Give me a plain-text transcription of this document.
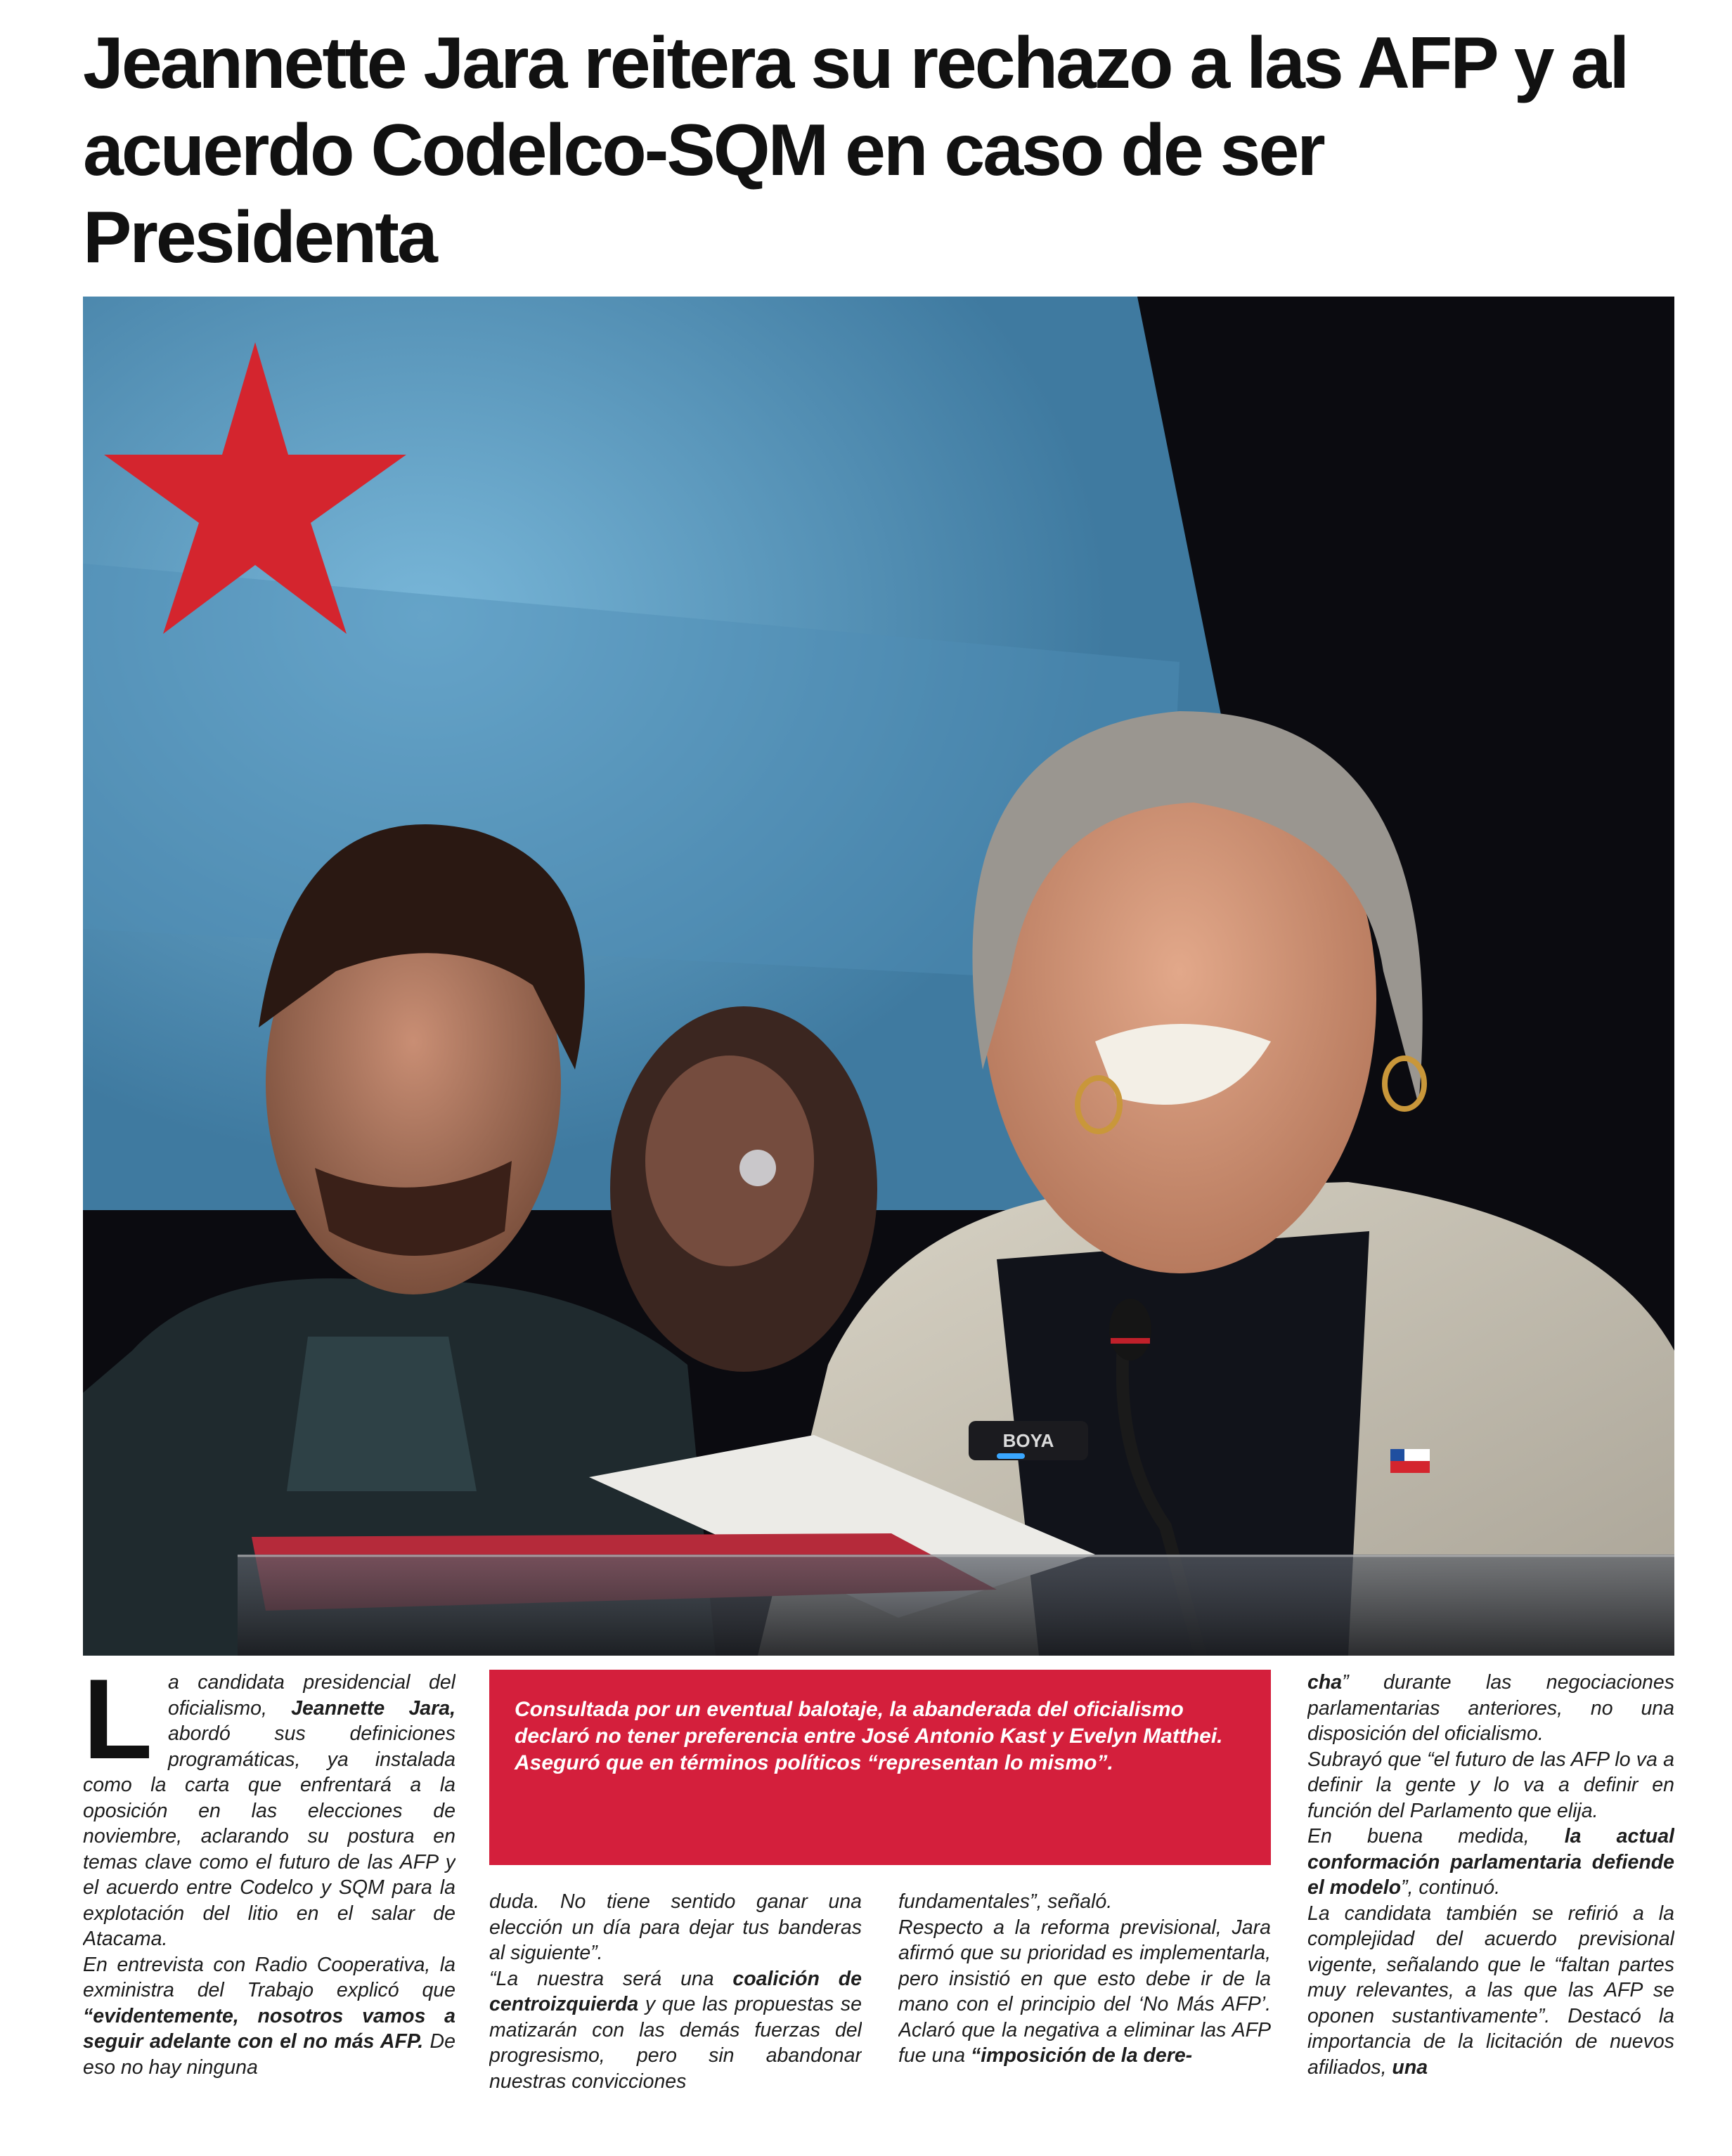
Jeannette Jara reitera su rechazo a las AFP y al acuerdo Codelco-SQM en caso de ser Presidenta
BOYA
L a candidata presidencial del oficialismo, Jeannette Jara, abordó sus definiciones programáticas, ya instalada como la carta que enfrentará a la oposición en las elecciones de noviembre, aclarando su postura en temas clave como el futuro de las AFP y el acuerdo entre Codelco y SQM para la explotación del litio en el salar de Atacama.

En entrevista con Radio Cooperativa, la exministra del Trabajo explicó que “evidentemente, nosotros vamos a seguir adelante con el no más AFP. De eso no hay ninguna

Consultada por un eventual balotaje, la abanderada del oficialismo declaró no tener preferencia entre José Antonio Kast y Evelyn Matthei. Aseguró que en términos políticos “representan lo mismo”.

duda. No tiene sentido ganar una elección un día para dejar tus banderas al siguiente”.

“La nuestra será una coalición de centroizquierda y que las propuestas se matizarán con las demás fuerzas del progresismo, pero sin abandonar nuestras convicciones

fundamentales”, señaló.

Respecto a la reforma previsional, Jara afirmó que su prioridad es implementarla, pero insistió en que esto debe ir de la mano con el principio del ‘No Más AFP’. Aclaró que la negativa a eliminar las AFP fue una “imposición de la dere-

cha” durante las negociaciones parlamentarias anteriores, no una disposición del oficialismo.

Subrayó que “el futuro de las AFP lo va a definir la gente y lo va a definir en función del Parlamento que elija.

En buena medida, la actual conformación parlamentaria defiende el modelo”, continuó.

La candidata también se refirió a la complejidad del acuerdo previsional vigente, señalando que le “faltan partes muy relevantes, a las que las AFP se oponen sustantivamente”. Destacó la importancia de la licitación de nuevos afiliados, una
